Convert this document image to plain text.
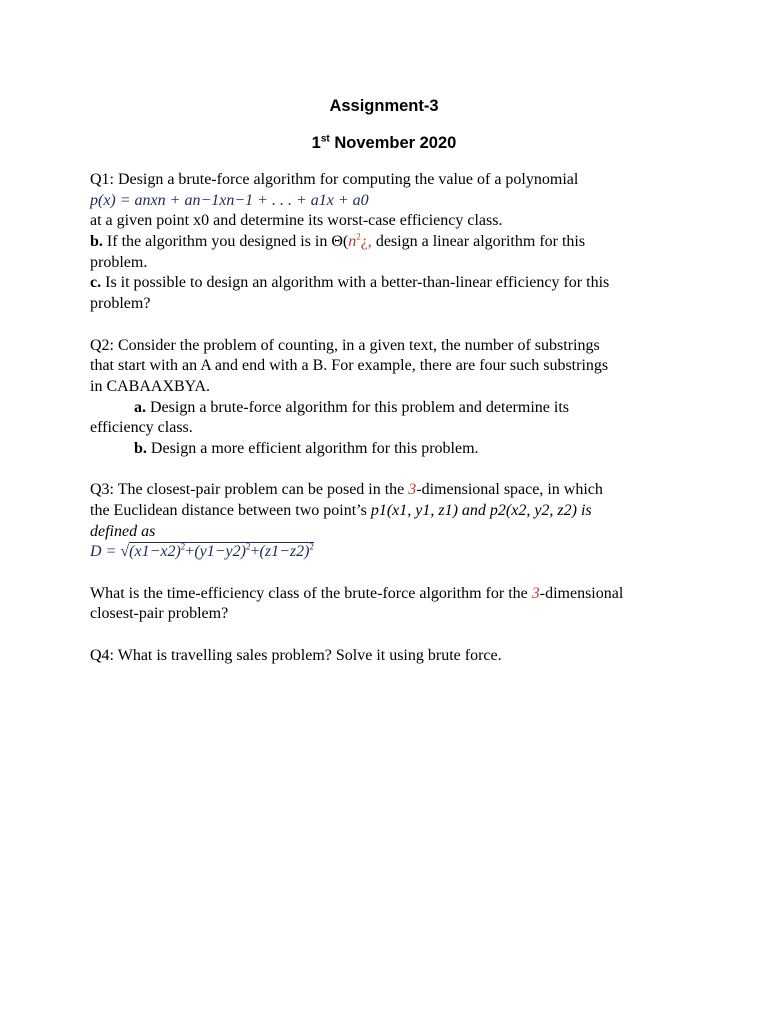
Assignment-3
1st November 2020
Q1: Design a brute-force algorithm for computing the value of a polynomial
p(x) = anxn + an−1xn−1 + . . . + a1x + a0
at a given point x0 and determine its worst-case efficiency class.
b. If the algorithm you designed is in $\Theta(n^2¿$, design a linear algorithm for this
problem.
c. Is it possible to design an algorithm with a better-than-linear efficiency for this
problem?
Q2: Consider the problem of counting, in a given text, the number of substrings
that start with an A and end with a B. For example, there are four such substrings
in CABAAXBYA.
a. Design a brute-force algorithm for this problem and determine its
efficiency class.
b. Design a more efficient algorithm for this problem.
Q3: The closest-pair problem can be posed in the 3-dimensional space, in which
the Euclidean distance between two point’s p1(x1, y1, z1) and p2(x2, y2, z2) is
defined as
$D = √(x1-x2)^2+(y1-y2)^2+(z1-z2)^2$
What is the time-efficiency class of the brute-force algorithm for the 3-dimensional
closest-pair problem?
Q4: What is travelling sales problem? Solve it using brute force.
